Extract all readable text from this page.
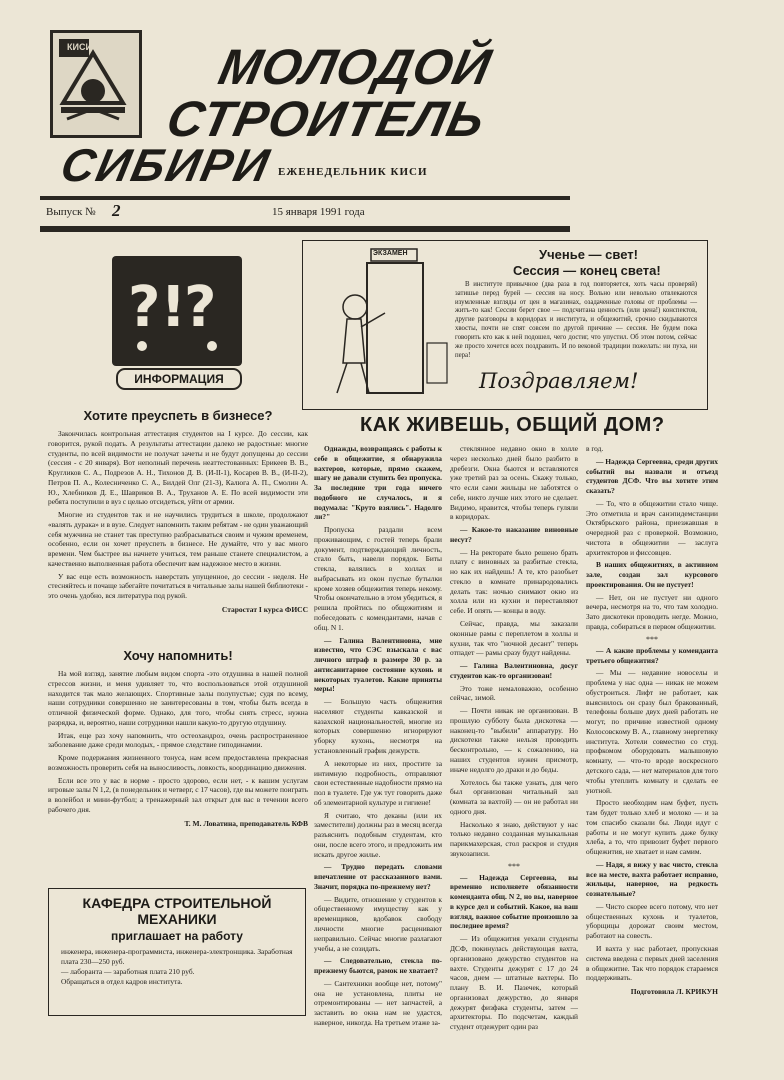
КИСИ МОЛОДОЙ
СТРОИТЕЛЬ
СИБИРИ ЕЖЕНЕДЕЛЬНИК КИСИ
Выпуск № 2	15 января 1991 года
?!
?
ИНФОРМАЦИЯ
ЭКЗАМЕН	Ученье — свет!
Сессия — конец света!

В институте привычное (два раза в год повторяется, хоть часы проверяй) затишье перед бурей — сессия на носу. Вольно или невольно отвлекаются изумленные взгляды от цен в магазинах, озадаченные головы от проблемы — житъ-то как! Сессии берет свое — подсчитана ценность (или цена!) конспектов, другие разговоры в коридорах и института, и общежитий, срочно скидываются хвосты, почти не спят совсем по другой причине — сессия. Не будем пока говорить кто как к ней подошел, чего достиг, что упустил. Об этом потом, сейчас же просто хочется всех поздравить. И по вековой традиции пожелать: ни пуха, ни пера!

Поздравляем!
Хотите преуспеть в бизнесе?

Закончилась контрольная аттестация студентов на I курсе. До сессии, как говорится, рукой подать. А результаты аттестации далеко не радостные: многие студенты, по всей видимости не получат зачеты и не будут допущены до сессии (сессия - с 20 января). Вот неполный перечень неаттестованных: Ерикеев В. В., Кругликов С. А., Подрезов А. Н., Тихонов Д. В. (И-II-1), Косарев В. В., (И-II-2), Петров П. А., Колесниченко С. А., Билдей Олг (21-3), Калюга А. П., Смолин А. Ю., Хлебников Д. Е., Шавриков В. А., Труханов А. Е. По всей видимости эти ребята поступили в вуз с целью отсидеться, уйти от армии.

Многие из студентов так и не научились трудиться в школе, продолжают «валять дурака» и в вузе. Следует напомнить таким ребятам - не один уважающий себя мужчина не станет так преступно разбрасываться своим и чужим временем, особенно, если он хочет преуспеть в бизнесе. Не думайте, что у вас много времени. Чем быстрее вы начнете учиться, тем раньше станете специалистом, а качественно выполненная работа обеспечит вам надежное место в жизни.

У вас еще есть возможность наверстать упущенное, до сессии - неделя. Не стесняйтесь и почаще забегайте почитаться в читальные залы нашей библиотеки - это очень удобно, вся литература под рукой.

Староcтат I курса ФИСС
Хочу напомнить!

На мой взгляд, занятие любым видом спорта -это отдушина в нашей полной стрессов жизни, и меня удивляет то, что воспользоваться этой отдушиной находится так мало желающих. Спортивные залы полупустые; судя по всему, наши сотрудники совершенно не заинтересованы в том, чтобы быть всегда в отличной физической форме. Однако, для того, чтобы снять стресс, нужна разрядка, и, вероятно, наши сотрудники нашли какую-то другую отдушину.

Итак, еще раз хочу напомнить, что остеохандроз, очень распространенное заболевание даже среди молодых, - прямое следствие гиподинамии.

Кроме подержания жизненного тонуса, нам всем предоставлена прекрасная возможность проверить себя на выносливость, ловкость, координацию движения.

Если все это у вас в норме - просто здорово, если нет, - к вашим услугам игровые залы N 1,2, (в понедельник и четверг, с 17 часов), где вы можете поиграть в волейбол и мини-футбол; а тренажерный зал открыт для вас в течении всего рабочего дня.

Т. М. Ловатина, преподаватель КФВ
КАФЕДРА СТРОИТЕЛЬНОЙ
МЕХАНИКИ
приглашает на работу
инженера, инженера-программиста, инженера-электронщика. Заработная плата 230—250 руб.
— лаборанта — заработная плата 210 руб.
Обращаться в отдел кадров института.
КАК ЖИВЕШЬ, ОБЩИЙ ДОМ?

Однажды, возвращаясь с работы к себе в общежитие, я обнаружила вахтеров, которые, прямо скажем, шагу не давали ступить без пропуска. За последние три года ничего подобного не случалось, и я подумала: "Круто взялись". Надолго ли?"

Пропуска раздали всем проживающим, с гостей теперь брали документ, подтверждающий личность, стало быть, навели порядок. Биты стекла, валялись в холлах и выбрасывать из окон пустые бутылки кроме хозяев общежития теперь некому. Чтобы окончательно в этом убедиться, я решила пройтись по общежитиям и побеседовать с комендантами, начав с общ. N 1.

— Галина Валентиновна, мне известно, что СЭС взыскала с вас личного штраф в размере 30 р. за антисанитарное состояние кухонь и некоторых туалетов. Какие приняты меры!

— Большую часть общежития населяют студенты кавказской и казахской национальностей, многие из которых совершенно игнорируют уборку кухонь, несмотря на установленный график дежурств.

А некоторые из них, простите за интимную подробность, отправляют свои естественные надобности прямо на пол в туалете. Где уж тут говорить даже об элементарной культуре и гигиене!

Я считаю, что деканы (или их заместители) должны раз в месяц всегда разъяснить подобным студентам, кто они, после всего этого, и предложить им искать другое жилье.

— Трудно передать словами впечатление от рассказанного вами. Значит, порядка по-прежнему нет?

— Видите, отношение у студентов к общественному имуществу как у временщиков, вдобавок свободу личности многие расценивают неправильно. Сейчас многие разлагают учебы, а не созидать.

— Следовательно, стекла по-прежнему бьются, рамок не хватает?

— Сантехники вообще нет, потому" она не установлена, плиты не отремонтированы — нет запчастей, а заставить во окна нам не удастся, наверное, никогда. На третьем этаже за-

стеклянное недавно окно в холле через несколько дней было разбито в дребезги. Окна бьются и вставляются уже третий раз за осень. Скажу только, что если сами жильцы не заботятся о себе, никто лучше них этого не сделает. Видимо, нравится, чтобы теперь гуляли в коридорах.

— Какое-то наказание виновные несут?

— На ректорате было решено брать плату с виновных за разбитые стекла, но как их найдешь! А те, кто разобьет стекло в комнате принародовались делать так: ночью снимают окно из холла или из кухни и переставляют себе. И опять — концы в воду.

Сейчас, правда, мы заказали оконные рамы с переплетом в холлы и кухни, так что "ночной десант" теперь отпадет — рамы сразу будут найдены.

— Галина Валентиновна, досуг студентов как-то организован!

Это тоже немаловажно, особенно сейчас, зимой.

— Почти никак не организован. В прошлую субботу была дискотека — наконец-то "выбили" аппаратуру. Но дискотеки также нельзя проводить бесконтрольно, — к сожалению, на наших студентов нужен присмотр, иначе недолго до драки и до беды.

Хотелось бы также узнать, для чего был организован читальный зал (комната за вахтой) — он не работал ни одного дня.

Насколько я знаю, действуют у нас только недавно созданная музыкальная парикмахерская, стол раскроя и студия звукозаписи.

***

— Надежда Сергеевна, вы временно исполняете обязанности коменданта общ. N 2, но вы, наверное в курсе дел и событий. Какое, на ваш взгляд, важное событие произошло за последнее время?

— Из общежития уехали студенты ДСФ, покинулась действующая вахта, организовано дежурство студентов на вахте. Студенты дежурят с 17 до 24 часов, днем — штатные вахтеры. По плану В. И. Пазечек, который организовал дежурство, до января дежурят физфака студенты, затем — архитекторы. По подсчетам, каждый студент отдежурит один раз

в год.

— Надежда Сергеевна, среди других событий вы назвали и отъезд студентов ДСФ. Что вы хотите этим сказать?

— То, что в общежитии стало чище. Это отметила и врач санэпидемстанции Октябрьского района, приезжавшая в очередной раз с проверкой. Возможно, чистота в общежитии — заслуга архитекторов и фиссовцев.

В наших общежитиях, в активном зале, создан зал курсового проектирования. Он не пустует!

— Нет, он не пустует ни одного вечера, несмотря на то, что там холодно. Зато дискотеки проводить негде. Можно, правда, собираться в первом общежитии.

***

— А какие проблемы у коменданта третьего общежития?

— Мы — недавние новоселы и проблема у нас одна — никак не можем обустроиться. Лифт не работает, как выяснилось он сразу был бракованный, телефоны больше двух дней работать не могут, по причине известной одному Колосовскому В. А., главному энергетику института. Хотели совместно со студ. профкомом оборудовать малышовую комнату, — что-то вроде воскресного детского сада, — нет материалов для того чтобы утеплить комнату и сделать ее уютной.

Просто необходим нам буфет, пусть там будет только хлеб и молоко — и за том спасибо сказали бы. Люди идут с работы и не могут купить даже булку хлеба, а то, что привозит буфет первого общежития, не хватает и нам самим.

— Надя, я вижу у вас чисто, стекла все на месте, вахта работает исправно, жильцы, наверное, на редкость сознательные?

— Чисто скорее всего потому, что нет общественных кухонь и туалетов, уборщицы дорожат своим местом, работают на совесть.

И вахта у нас работает, пропускная система введена с первых дней заселения в общежитие. Так что порядок стараемся поддерживать.

Подготовила Л. КРИКУН
